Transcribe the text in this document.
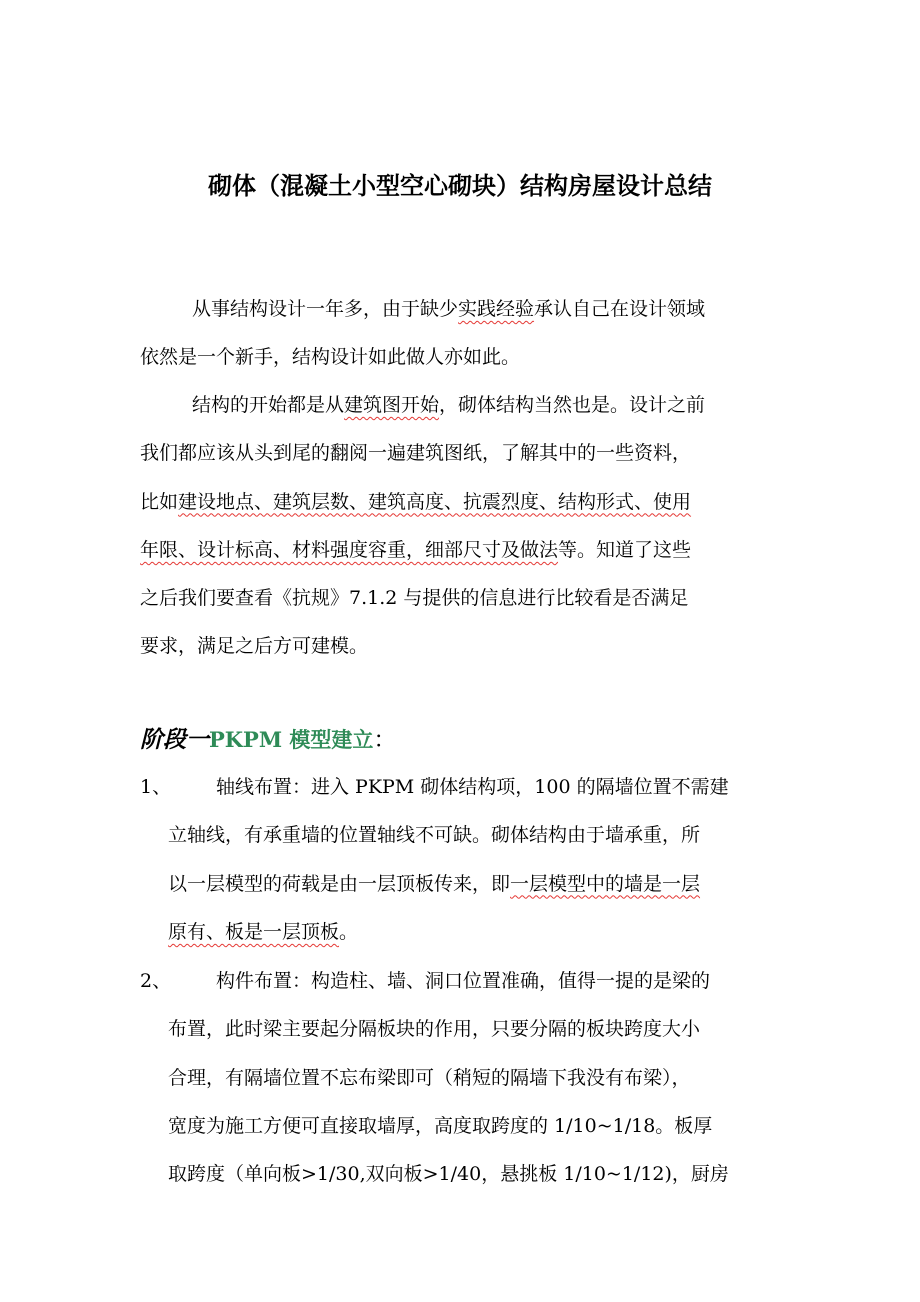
砌体（混凝土小型空心砌块）结构房屋设计总结
从事结构设计一年多，由于缺少实践经验承认自己在设计领域
依然是一个新手，结构设计如此做人亦如此。
结构的开始都是从建筑图开始，砌体结构当然也是。设计之前
我们都应该从头到尾的翻阅一遍建筑图纸，了解其中的一些资料，
比如建设地点、建筑层数、建筑高度、抗震烈度、结构形式、使用
年限、设计标高、材料强度容重，细部尺寸及做法等。知道了这些
之后我们要查看《抗规》7.1.2 与提供的信息进行比较看是否满足
要求，满足之后方可建模。
阶段一PKPM 模型建立：
1、	轴线布置：进入 PKPM 砌体结构项，100 的隔墙位置不需建
立轴线，有承重墙的位置轴线不可缺。砌体结构由于墙承重，所
以一层模型的荷载是由一层顶板传来，即一层模型中的墙是一层
原有、板是一层顶板。
2、	构件布置：构造柱、墙、洞口位置准确，值得一提的是梁的
布置，此时梁主要起分隔板块的作用，只要分隔的板块跨度大小
合理，有隔墙位置不忘布梁即可（稍短的隔墙下我没有布梁），
宽度为施工方便可直接取墙厚，高度取跨度的 1/10~1/18。板厚
取跨度（单向板>1/30,双向板>1/40，悬挑板 1/10~1/12)，厨房
